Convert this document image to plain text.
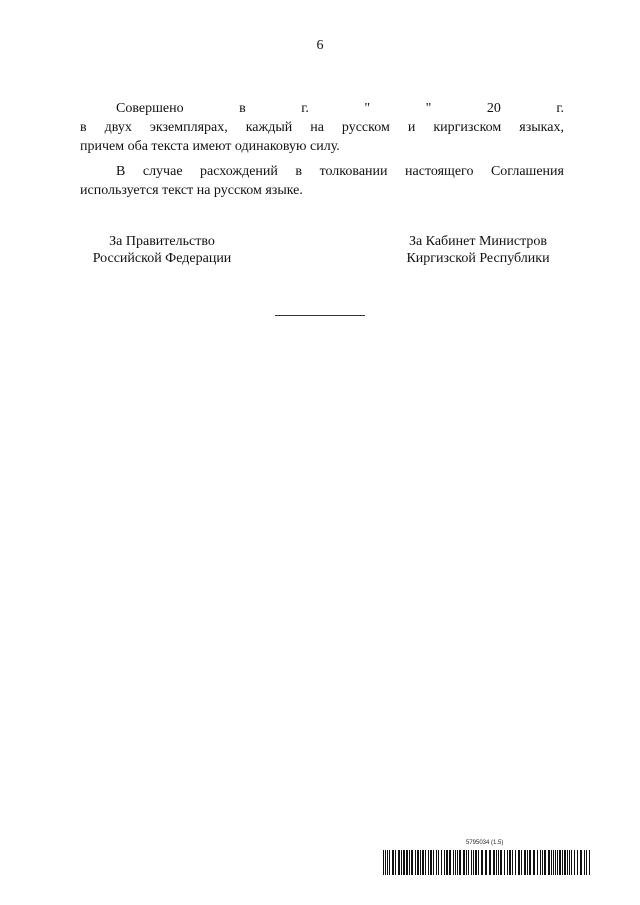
6
Совершено	в	г.	"	"	20	г.
в двух экземплярах, каждый на русском и киргизском языках,
причем оба текста имеют одинаковую силу.
В случае расхождений в толковании настоящего Соглашения
используется текст на русском языке.
За Правительство
Российской Федерации
За Кабинет Министров
Киргизской Республики
5795034 (1.5)
